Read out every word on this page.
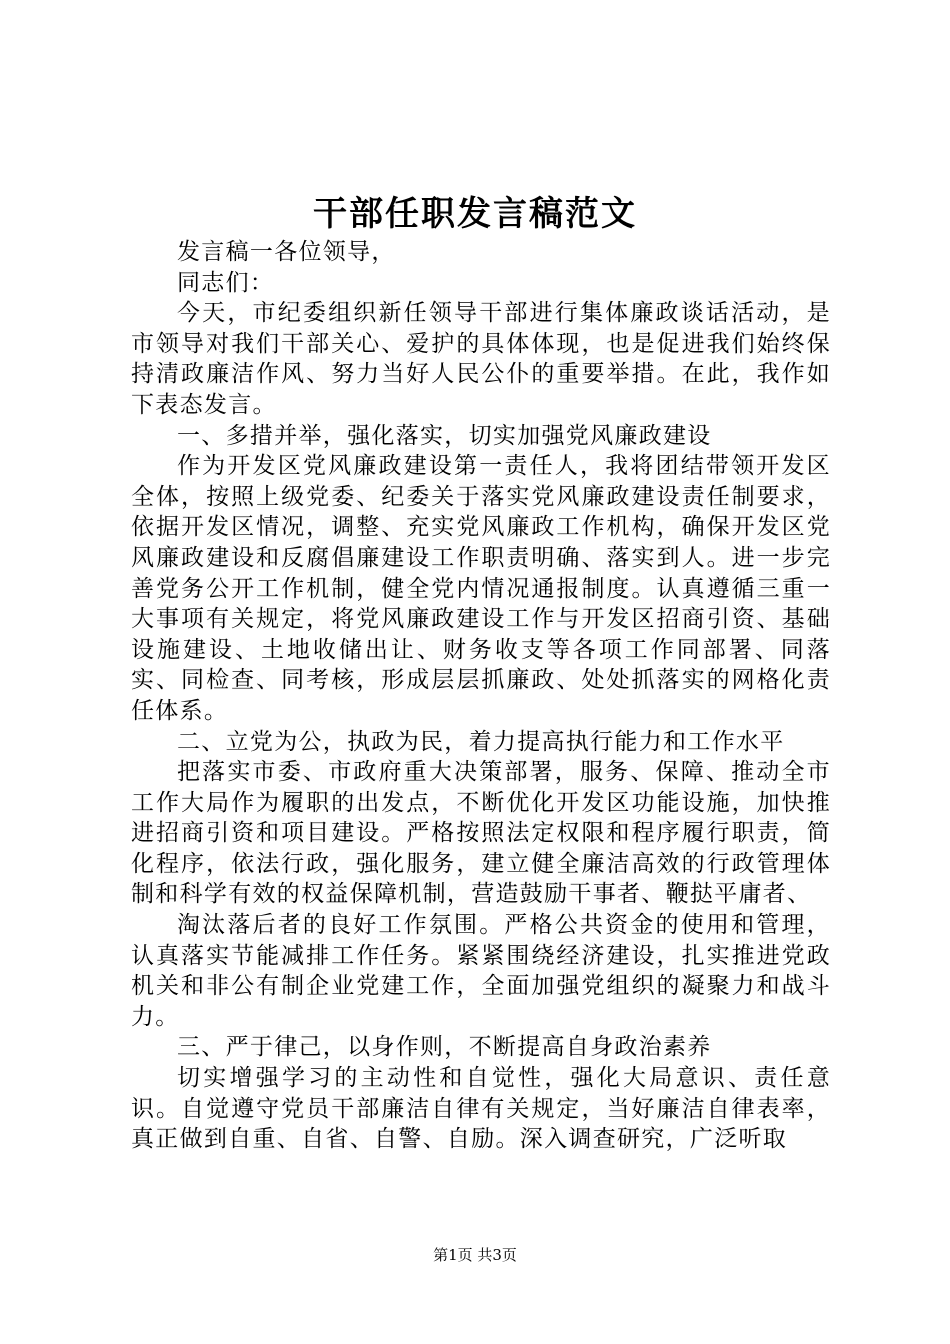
干部任职发言稿范文

发言稿一各位领导，

同志们：

今天，市纪委组织新任领导干部进行集体廉政谈话活动，是市领导对我们干部关心、爱护的具体体现，也是促进我们始终保持清政廉洁作风、努力当好人民公仆的重要举措。在此，我作如下表态发言。

一、多措并举，强化落实，切实加强党风廉政建设

作为开发区党风廉政建设第一责任人，我将团结带领开发区全体，按照上级党委、纪委关于落实党风廉政建设责任制要求，依据开发区情况，调整、充实党风廉政工作机构，确保开发区党风廉政建设和反腐倡廉建设工作职责明确、落实到人。进一步完善党务公开工作机制，健全党内情况通报制度。认真遵循三重一大事项有关规定，将党风廉政建设工作与开发区招商引资、基础设施建设、土地收储出让、财务收支等各项工作同部署、同落实、同检查、同考核，形成层层抓廉政、处处抓落实的网格化责任体系。

二、立党为公，执政为民，着力提高执行能力和工作水平

把落实市委、市政府重大决策部署，服务、保障、推动全市工作大局作为履职的出发点，不断优化开发区功能设施，加快推进招商引资和项目建设。严格按照法定权限和程序履行职责，简化程序，依法行政，强化服务，建立健全廉洁高效的行政管理体制和科学有效的权益保障机制，营造鼓励干事者、鞭挞平庸者、

淘汰落后者的良好工作氛围。严格公共资金的使用和管理，认真落实节能减排工作任务。紧紧围绕经济建设，扎实推进党政机关和非公有制企业党建工作，全面加强党组织的凝聚力和战斗力。

三、严于律己，以身作则，不断提高自身政治素养

切实增强学习的主动性和自觉性，强化大局意识、责任意识。自觉遵守党员干部廉洁自律有关规定，当好廉洁自律表率，真正做到自重、自省、自警、自励。深入调查研究，广泛听取

第1页 共3页
